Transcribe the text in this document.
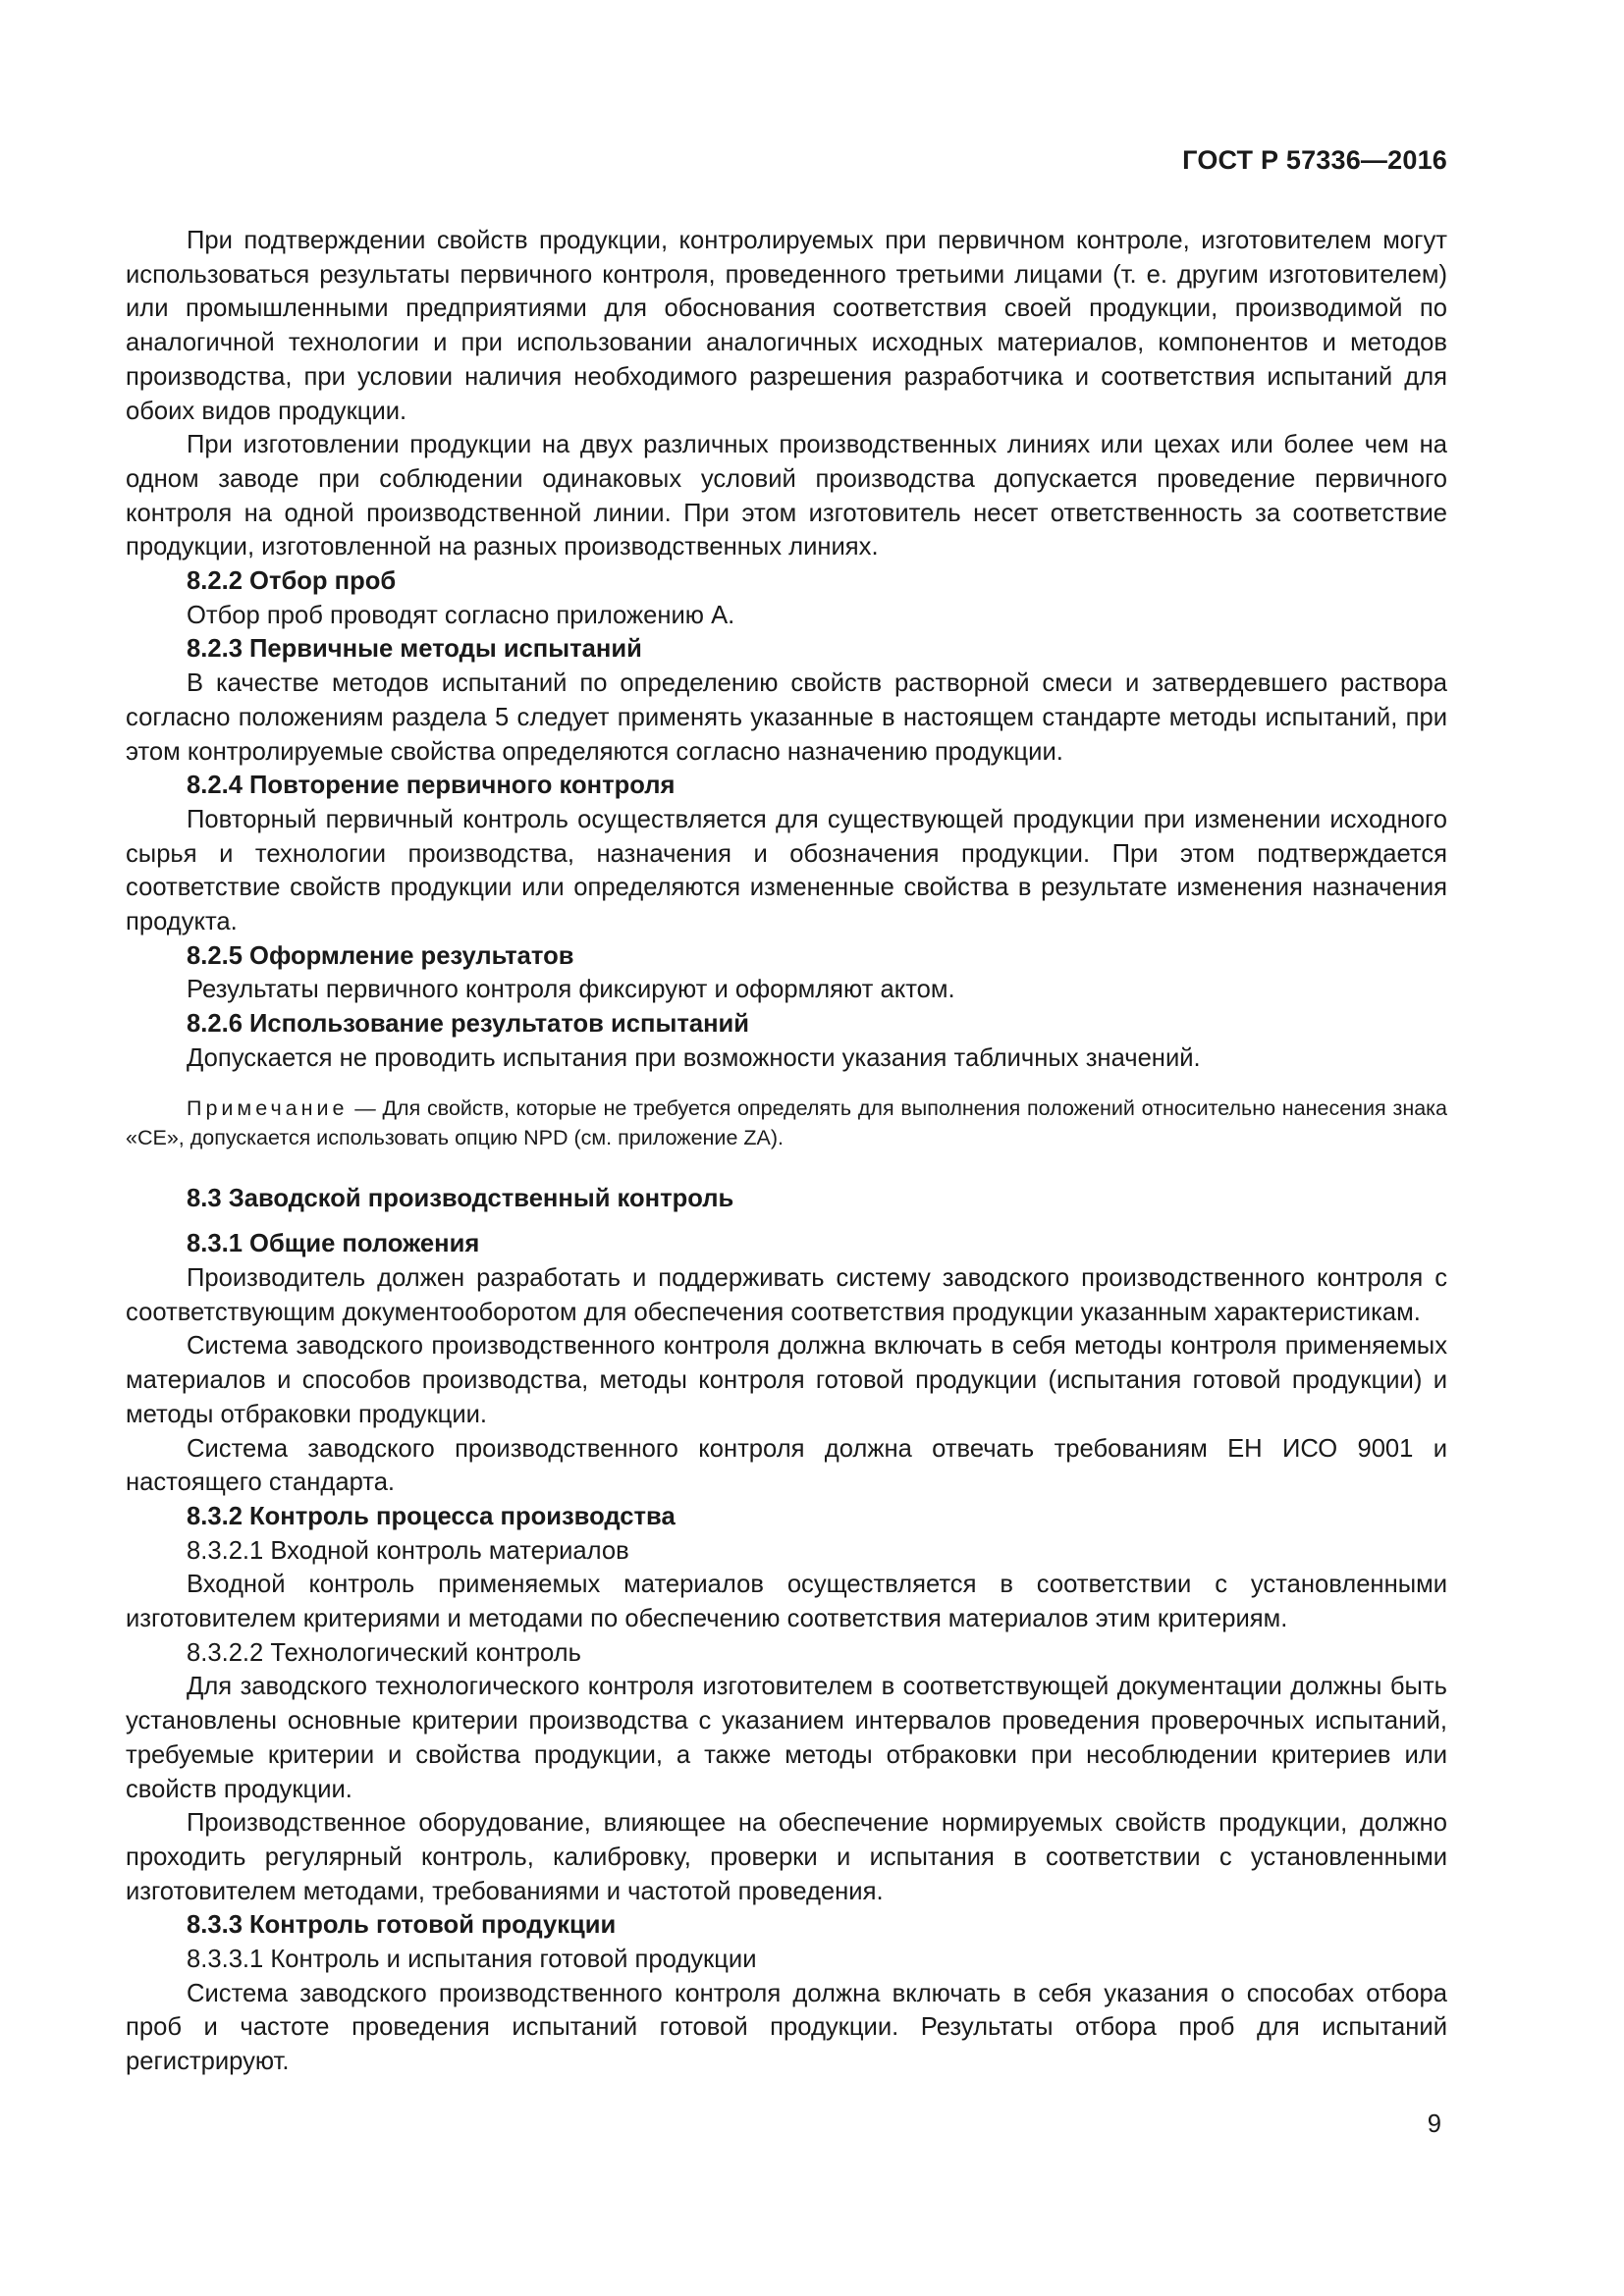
ГОСТ Р 57336—2016

При подтверждении свойств продукции, контролируемых при первичном контроле, изготовителем могут использоваться результаты первичного контроля, проведенного третьими лицами (т. е. другим изготовителем) или промышленными предприятиями для обоснования соответствия своей продукции, производимой по аналогичной технологии и при использовании аналогичных исходных материалов, компонентов и методов производства, при условии наличия необходимого разрешения разработчика и соответствия испытаний для обоих видов продукции.

При изготовлении продукции на двух различных производственных линиях или цехах или более чем на одном заводе при соблюдении одинаковых условий производства допускается проведение первичного контроля на одной производственной линии. При этом изготовитель несет ответственность за соответствие продукции, изготовленной на разных производственных линиях.

8.2.2 Отбор проб

Отбор проб проводят согласно приложению А.

8.2.3 Первичные методы испытаний

В качестве методов испытаний по определению свойств растворной смеси и затвердевшего раствора согласно положениям раздела 5 следует применять указанные в настоящем стандарте методы испытаний, при этом контролируемые свойства определяются согласно назначению продукции.

8.2.4 Повторение первичного контроля

Повторный первичный контроль осуществляется для существующей продукции при изменении исходного сырья и технологии производства, назначения и обозначения продукции. При этом подтверждается соответствие свойств продукции или определяются измененные свойства в результате изменения назначения продукта.

8.2.5 Оформление результатов

Результаты первичного контроля фиксируют и оформляют актом.

8.2.6 Использование результатов испытаний

Допускается не проводить испытания при возможности указания табличных значений.

Примечание — Для свойств, которые не требуется определять для выполнения положений относительно нанесения знака «СЕ», допускается использовать опцию NPD (см. приложение ZA).

8.3 Заводской производственный контроль

8.3.1 Общие положения

Производитель должен разработать и поддерживать систему заводского производственного контроля с соответствующим документооборотом для обеспечения соответствия продукции указанным характеристикам.

Система заводского производственного контроля должна включать в себя методы контроля применяемых материалов и способов производства, методы контроля готовой продукции (испытания готовой продукции) и методы отбраковки продукции.

Система заводского производственного контроля должна отвечать требованиям ЕН ИСО 9001 и настоящего стандарта.

8.3.2 Контроль процесса производства

8.3.2.1 Входной контроль материалов

Входной контроль применяемых материалов осуществляется в соответствии с установленными изготовителем критериями и методами по обеспечению соответствия материалов этим критериям.

8.3.2.2 Технологический контроль

Для заводского технологического контроля изготовителем в соответствующей документации должны быть установлены основные критерии производства с указанием интервалов проведения проверочных испытаний, требуемые критерии и свойства продукции, а также методы отбраковки при несоблюдении критериев или свойств продукции.

Производственное оборудование, влияющее на обеспечение нормируемых свойств продукции, должно проходить регулярный контроль, калибровку, проверки и испытания в соответствии с установленными изготовителем методами, требованиями и частотой проведения.

8.3.3 Контроль готовой продукции

8.3.3.1 Контроль и испытания готовой продукции

Система заводского производственного контроля должна включать в себя указания о способах отбора проб и частоте проведения испытаний готовой продукции. Результаты отбора проб для испытаний регистрируют.

9
